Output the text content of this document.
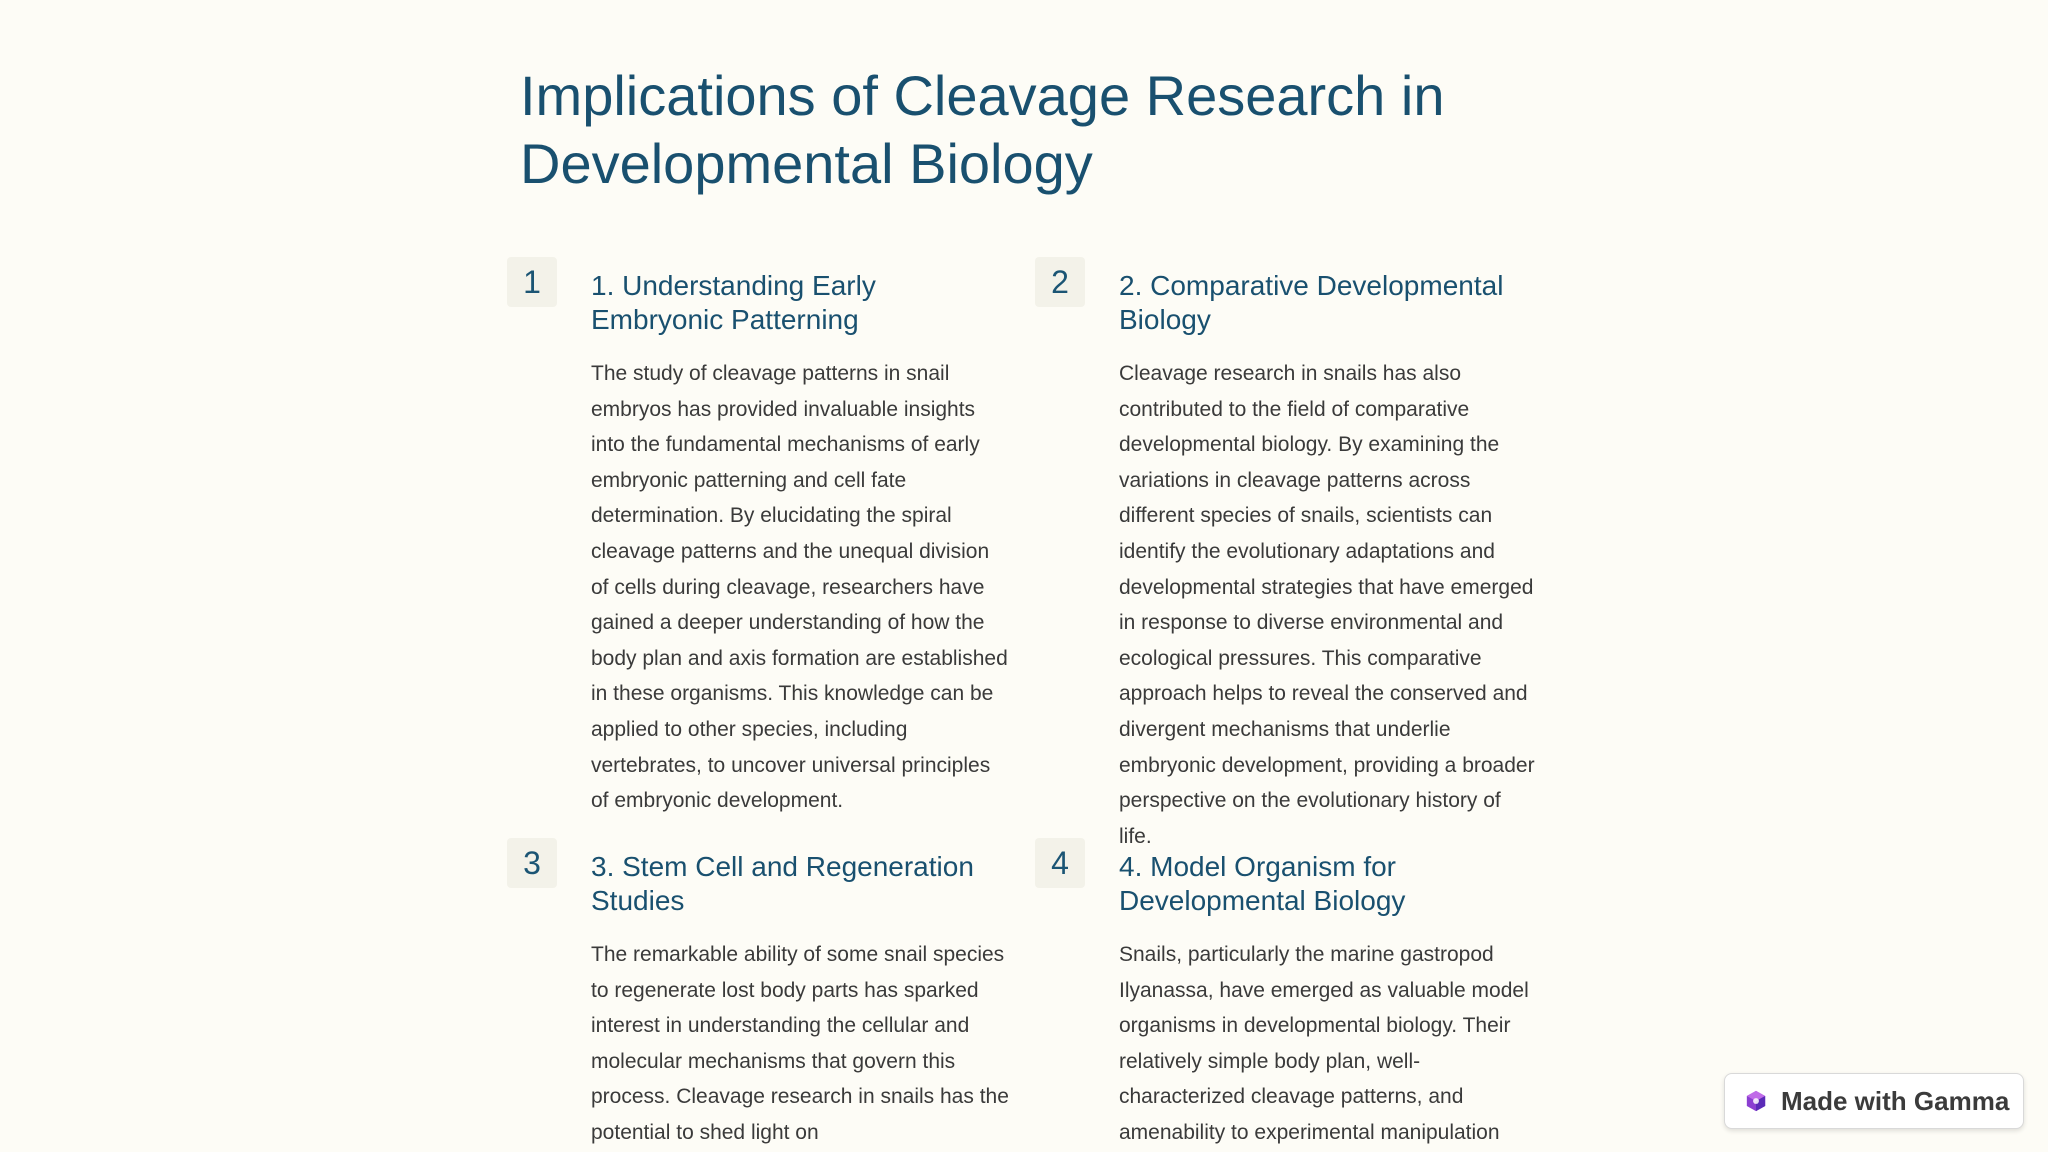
Implications of Cleavage Research in
Developmental Biology
1	1. Understanding Early Embryonic Patterning

The study of cleavage patterns in snail embryos has provided invaluable insights into the fundamental mechanisms of early embryonic patterning and cell fate determination. By elucidating the spiral cleavage patterns and the unequal division of cells during cleavage, researchers have gained a deeper understanding of how the body plan and axis formation are established in these organisms. This knowledge can be applied to other species, including vertebrates, to uncover universal principles of embryonic development.

2	2. Comparative Developmental Biology

Cleavage research in snails has also contributed to the field of comparative developmental biology. By examining the variations in cleavage patterns across different species of snails, scientists can identify the evolutionary adaptations and developmental strategies that have emerged in response to diverse environmental and ecological pressures. This comparative approach helps to reveal the conserved and divergent mechanisms that underlie embryonic development, providing a broader perspective on the evolutionary history of life.

3	3. Stem Cell and Regeneration Studies

The remarkable ability of some snail species to regenerate lost body parts has sparked interest in understanding the cellular and molecular mechanisms that govern this process. Cleavage research in snails has the potential to shed light on

4	4. Model Organism for Developmental Biology

Snails, particularly the marine gastropod Ilyanassa, have emerged as valuable model organisms in developmental biology. Their relatively simple body plan, well-characterized cleavage patterns, and amenability to experimental manipulation

Made with Gamma
